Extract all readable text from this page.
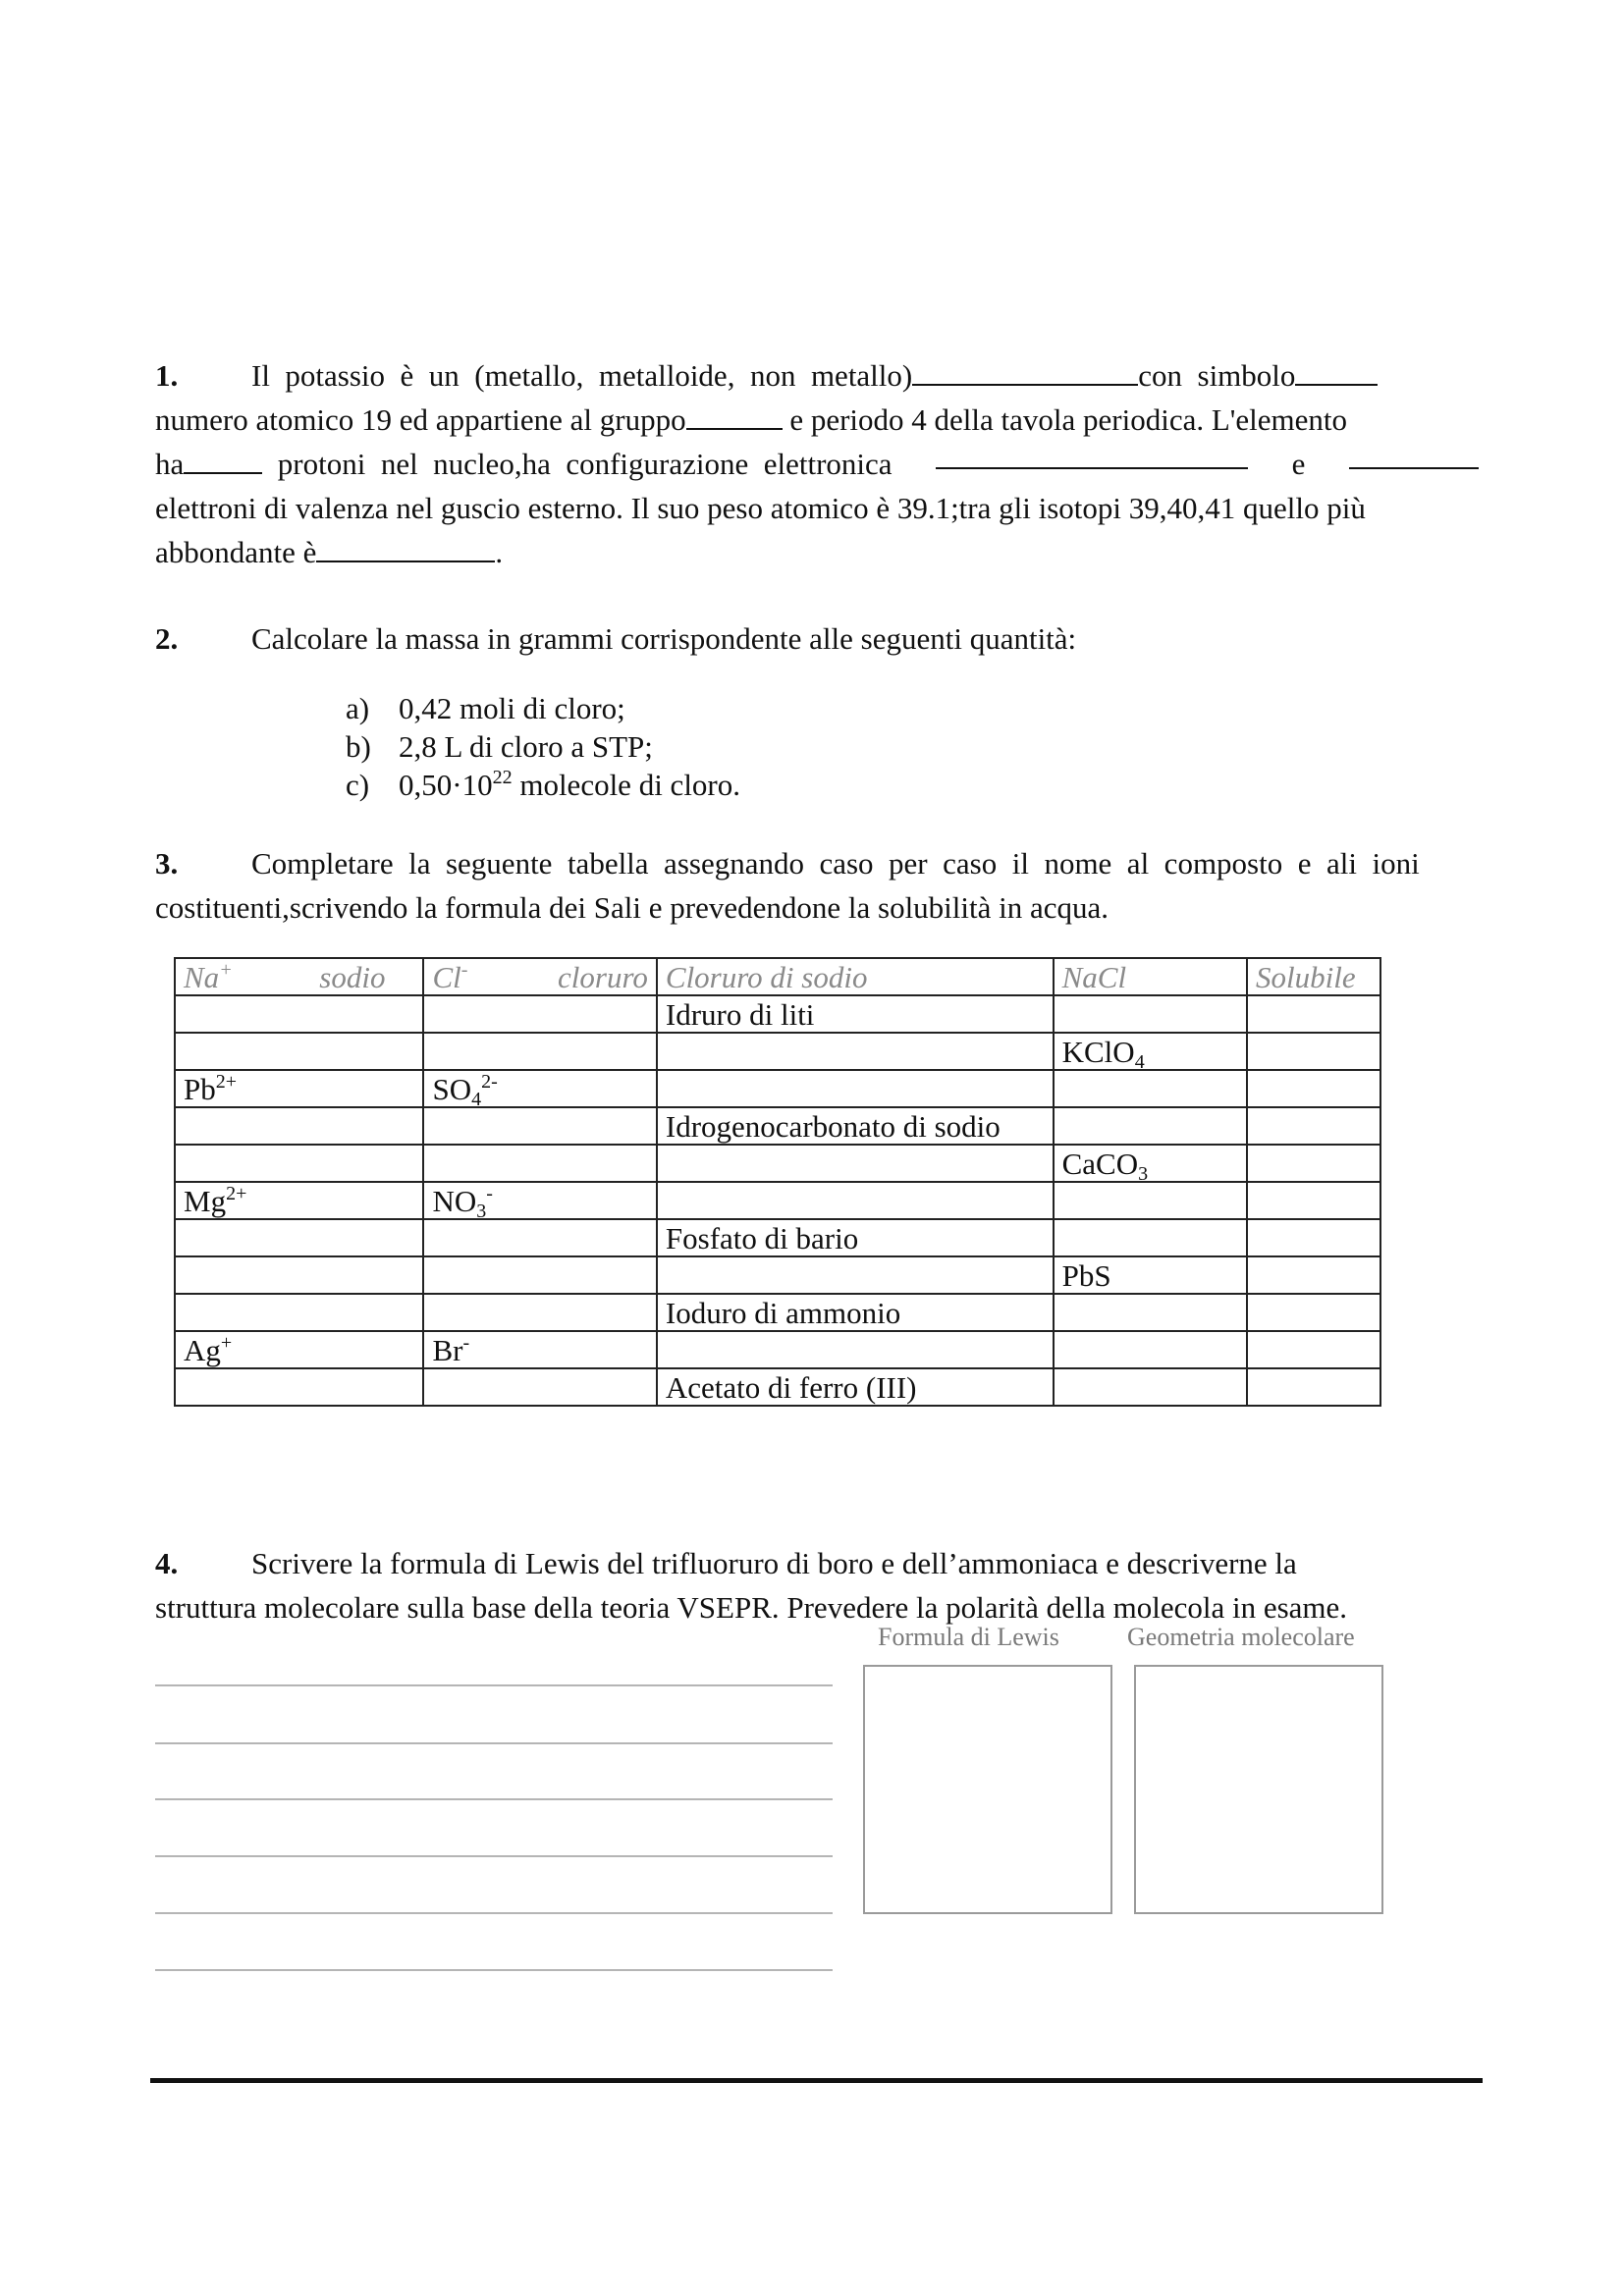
1. Il  potassio  è  un  (metallo,  metalloide,  non  metallo)	con  simbolo
numero atomico 19 ed appartiene al gruppo	e periodo 4 della tavola periodica. L'elemento
ha	protoni  nel  nucleo,ha  configurazione  elettronica	e
elettroni di valenza nel guscio esterno. Il suo peso atomico è 39.1;tra gli isotopi 39,40,41 quello più
abbondante è	.
2. Calcolare la massa in grammi corrispondente alle seguenti quantità:
a) 0,42 moli di cloro;
b) 2,8 L di cloro a STP;
c) $0,50\cdot 10^{22}$ molecole di cloro.
3. Completare  la  seguente  tabella  assegnando  caso  per  caso  il  nome  al  composto  e  ali  ioni
costituenti,scrivendo la formula dei Sali e prevedendone la solubilità in acqua.
Na+ sodio	Cl- cloruro	Cloruro di sodio	NaCl	Solubile
		Idruro di liti		
			KClO$_4$	
$Pb^{2+}$	$SO_4^{2-}$			
		Idrogenocarbonato di sodio		
			CaCO$_3$	
$Mg^{2+}$	$NO_3^-$			
		Fosfato di bario		
			PbS	
		Ioduro di ammonio		
Ag+	Br-			
		Acetato di ferro (III)		
4. Scrivere la formula di Lewis del trifluoruro di boro e dell’ammoniaca e descriverne la
struttura molecolare sulla base della teoria VSEPR. Prevedere la polarità della molecola in esame.
Formula di Lewis	Geometria molecolare
